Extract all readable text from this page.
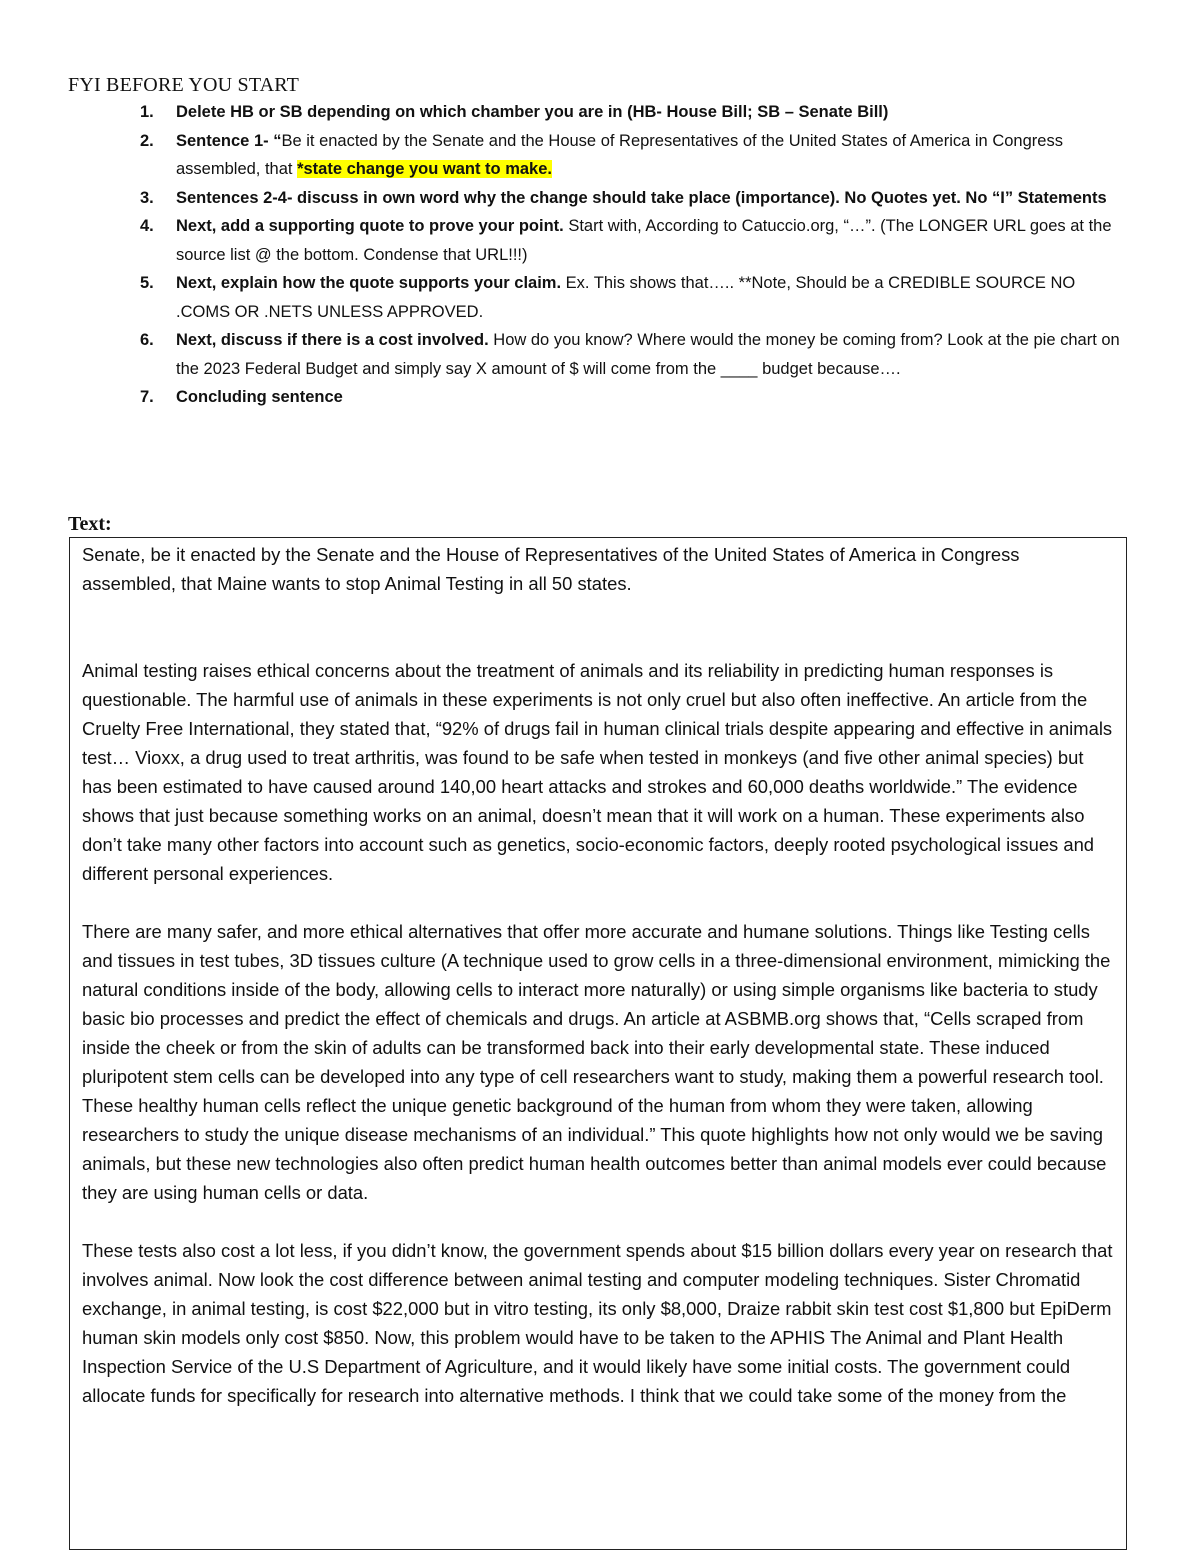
FYI BEFORE YOU START
1. Delete HB or SB depending on which chamber you are in (HB- House Bill; SB – Senate Bill)
2. Sentence 1- “Be it enacted by the Senate and the House of Representatives of the United States of America in Congress assembled, that *state change you want to make.
3. Sentences 2-4- discuss in own word why the change should take place (importance). No Quotes yet. No “I” Statements
4. Next, add a supporting quote to prove your point. Start with, According to Catuccio.org, “…”. (The LONGER URL goes at the source list @ the bottom. Condense that URL!!!)
5. Next, explain how the quote supports your claim. Ex. This shows that….. **Note, Should be a CREDIBLE SOURCE NO .COMS OR .NETS UNLESS APPROVED.
6. Next, discuss if there is a cost involved. How do you know? Where would the money be coming from? Look at the pie chart on the 2023 Federal Budget and simply say X amount of $ will come from the ____ budget because….
7. Concluding sentence
Text:

Senate, be it enacted by the Senate and the House of Representatives of the United States of America in Congress assembled, that Maine wants to stop Animal Testing in all 50 states.

Animal testing raises ethical concerns about the treatment of animals and its reliability in predicting human responses is questionable. The harmful use of animals in these experiments is not only cruel but also often ineffective. An article from the Cruelty Free International, they stated that, “92% of drugs fail in human clinical trials despite appearing and effective in animals test… Vioxx, a drug used to treat arthritis, was found to be safe when tested in monkeys (and five other animal species) but has been estimated to have caused around 140,00 heart attacks and strokes and 60,000 deaths worldwide.” The evidence shows that just because something works on an animal, doesn’t mean that it will work on a human. These experiments also don’t take many other factors into account such as genetics, socio-economic factors, deeply rooted psychological issues and different personal experiences.

There are many safer, and more ethical alternatives that offer more accurate and humane solutions. Things like Testing cells and tissues in test tubes, 3D tissues culture (A technique used to grow cells in a three-dimensional environment, mimicking the natural conditions inside of the body, allowing cells to interact more naturally) or using simple organisms like bacteria to study basic bio processes and predict the effect of chemicals and drugs. An article at ASBMB.org shows that, “Cells scraped from inside the cheek or from the skin of adults can be transformed back into their early developmental state. These induced pluripotent stem cells can be developed into any type of cell researchers want to study, making them a powerful research tool. These healthy human cells reflect the unique genetic background of the human from whom they were taken, allowing researchers to study the unique disease mechanisms of an individual.” This quote highlights how not only would we be saving animals, but these new technologies also often predict human health outcomes better than animal models ever could because they are using human cells or data.

These tests also cost a lot less, if you didn’t know, the government spends about $15 billion dollars every year on research that involves animal. Now look the cost difference between animal testing and computer modeling techniques. Sister Chromatid exchange, in animal testing, is cost $22,000 but in vitro testing, its only $8,000, Draize rabbit skin test cost $1,800 but EpiDerm human skin models only cost $850. Now, this problem would have to be taken to the APHIS The Animal and Plant Health Inspection Service of the U.S Department of Agriculture, and it would likely have some initial costs. The government could allocate funds for specifically for research into alternative methods. I think that we could take some of the money from the
